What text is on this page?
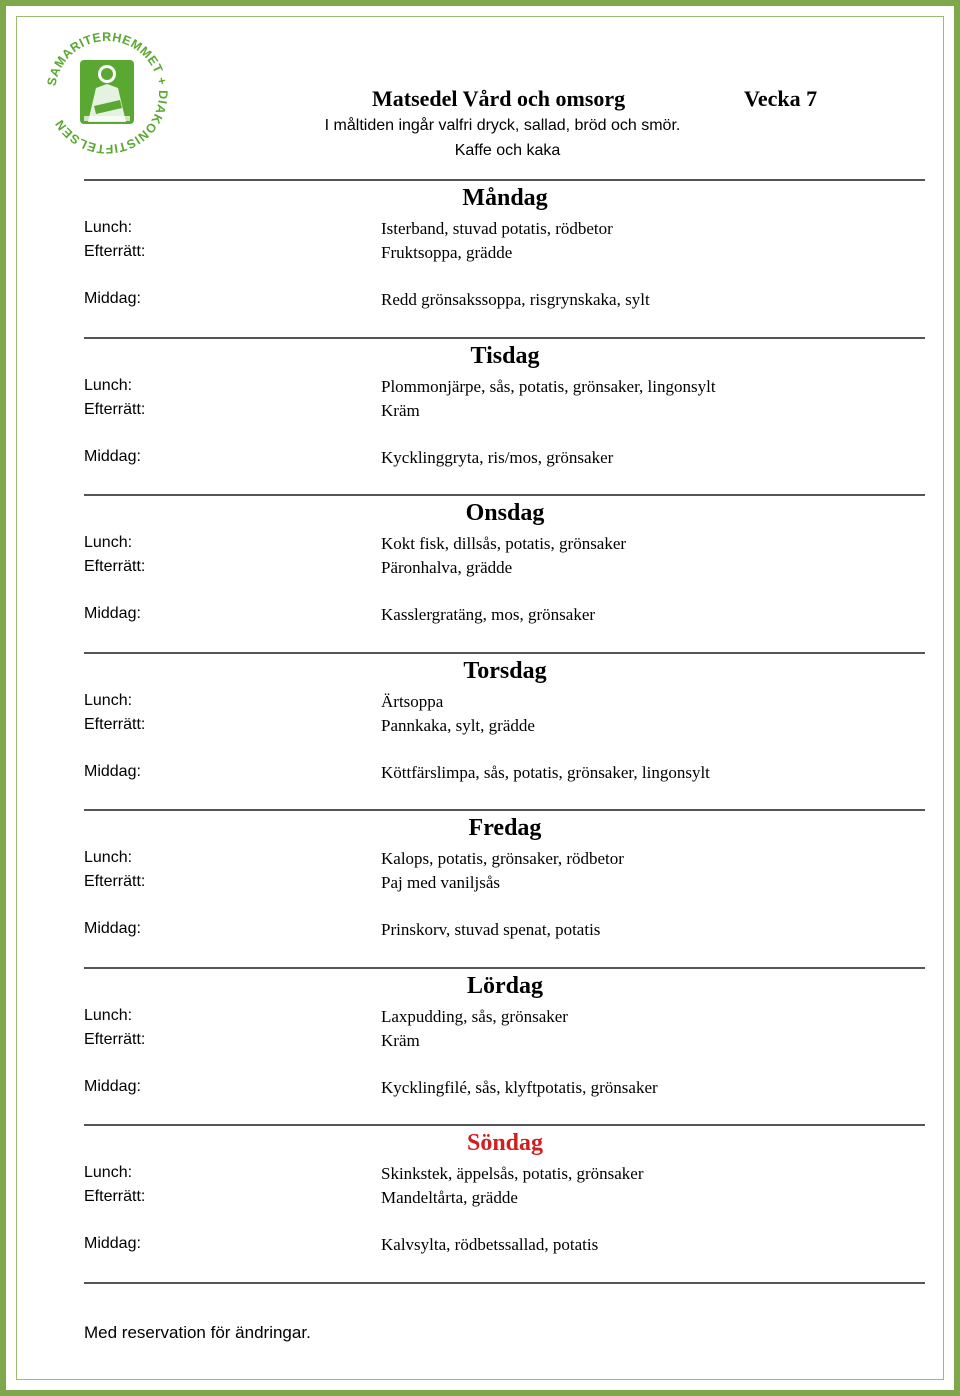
SAMARITERHEMMET + DIAKONISTIFTELSEN
Matsedel Vård och omsorg	Vecka 7
I måltiden ingår valfri dryck, sallad, bröd och smör.
Kaffe och kaka
Måndag
Lunch:	Isterband, stuvad potatis, rödbetor
Efterrätt:	Fruktsoppa, grädde
Middag:	Redd grönsakssoppa, risgrynskaka, sylt
Tisdag
Lunch:	Plommonjärpe, sås, potatis, grönsaker, lingonsylt
Efterrätt:	Kräm
Middag:	Kycklinggryta, ris/mos, grönsaker
Onsdag
Lunch:	Kokt fisk, dillsås, potatis, grönsaker
Efterrätt:	Päronhalva, grädde
Middag:	Kasslergratäng, mos, grönsaker
Torsdag
Lunch:	Ärtsoppa
Efterrätt:	Pannkaka, sylt, grädde
Middag:	Köttfärslimpa, sås, potatis, grönsaker, lingonsylt
Fredag
Lunch:	Kalops, potatis, grönsaker, rödbetor
Efterrätt:	Paj med vaniljsås
Middag:	Prinskorv, stuvad spenat, potatis
Lördag
Lunch:	Laxpudding, sås, grönsaker
Efterrätt:	Kräm
Middag:	Kycklingfilé, sås, klyftpotatis, grönsaker
Söndag
Lunch:	Skinkstek, äppelsås, potatis, grönsaker
Efterrätt:	Mandeltårta, grädde
Middag:	Kalvsylta, rödbetssallad, potatis
Med reservation för ändringar.
